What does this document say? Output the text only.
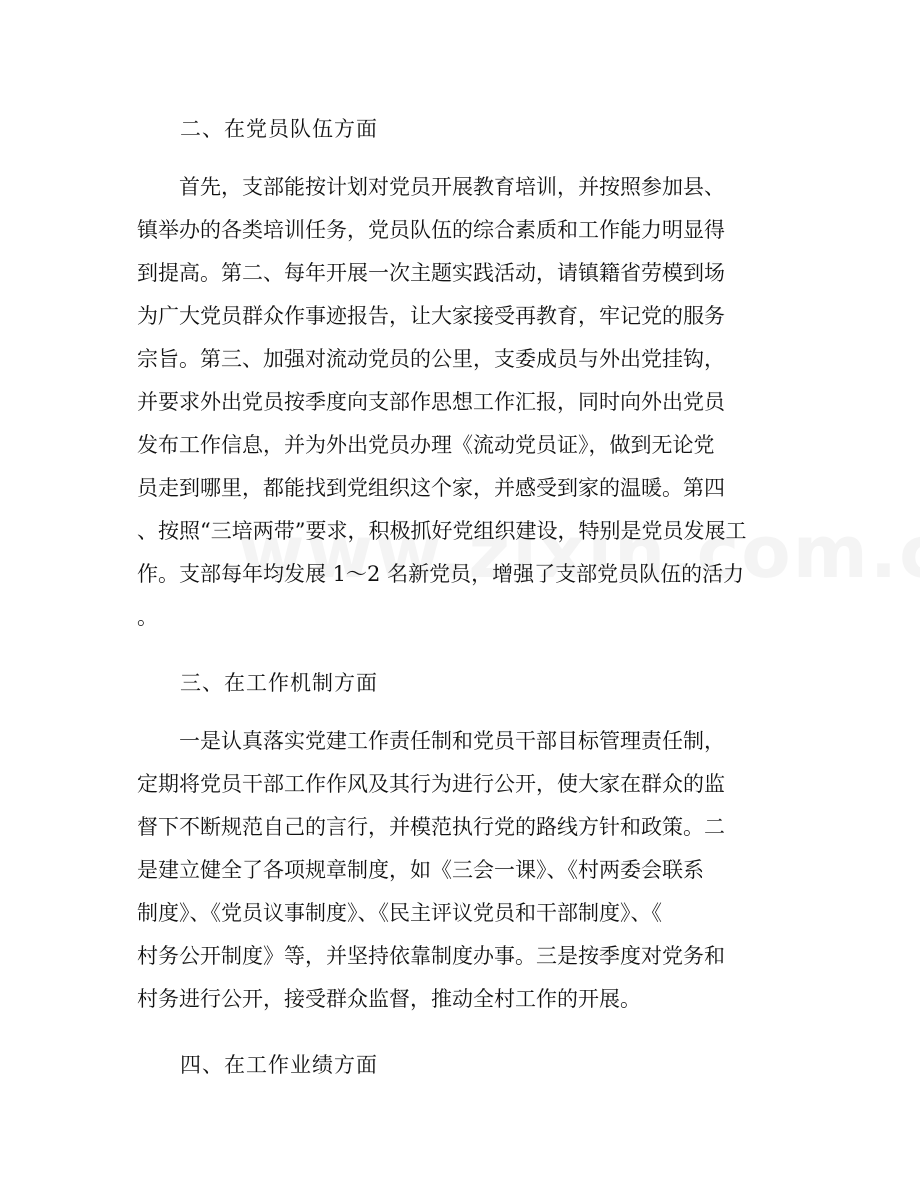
二、在党员队伍方面

　　首先，支部能按计划对党员开展教育培训，并按照参加县、

镇举办的各类培训任务，党员队伍的综合素质和工作能力明显得

到提高。第二、每年开展一次主题实践活动，请镇籍省劳模到场

为广大党员群众作事迹报告，让大家接受再教育，牢记党的服务

宗旨。第三、加强对流动党员的公里，支委成员与外出党挂钩，

并要求外出党员按季度向支部作思想工作汇报，同时向外出党员

发布工作信息，并为外出党员办理《流动党员证》，做到无论党

员走到哪里，都能找到党组织这个家，并感受到家的温暖。第四

、按照“三培两带”要求，积极抓好党组织建设，特别是党员发展工

作。支部每年均发展 1～2 名新党员，增强了支部党员队伍的活力

。

三、在工作机制方面

　　一是认真落实党建工作责任制和党员干部目标管理责任制，

定期将党员干部工作作风及其行为进行公开，使大家在群众的监

督下不断规范自己的言行，并模范执行党的路线方针和政策。二

是建立健全了各项规章制度，如《三会一课》、《村两委会联系

制度》、《党员议事制度》、《民主评议党员和干部制度》、《

村务公开制度》等，并坚持依靠制度办事。三是按季度对党务和

村务进行公开，接受群众监督，推动全村工作的开展。

四、在工作业绩方面
